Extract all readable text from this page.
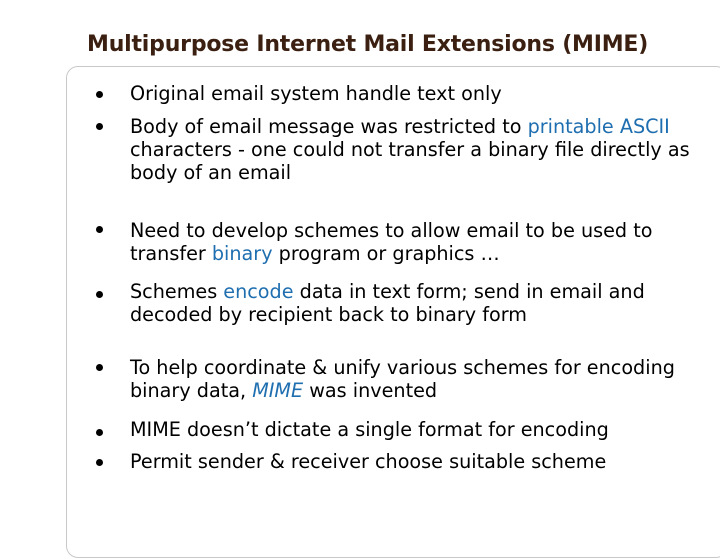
Multipurpose Internet Mail Extensions (MIME)
Original email system handle text only
Body of email message was restricted to printable ASCII characters - one could not transfer a binary file directly as body of an email
Need to develop schemes to allow email to be used to transfer binary program or graphics …
Schemes encode data in text form; send in email and decoded by recipient back to binary form
To help coordinate & unify various schemes for encoding binary data, MIME was invented
MIME doesn’t dictate a single format for encoding
Permit sender & receiver choose suitable scheme
